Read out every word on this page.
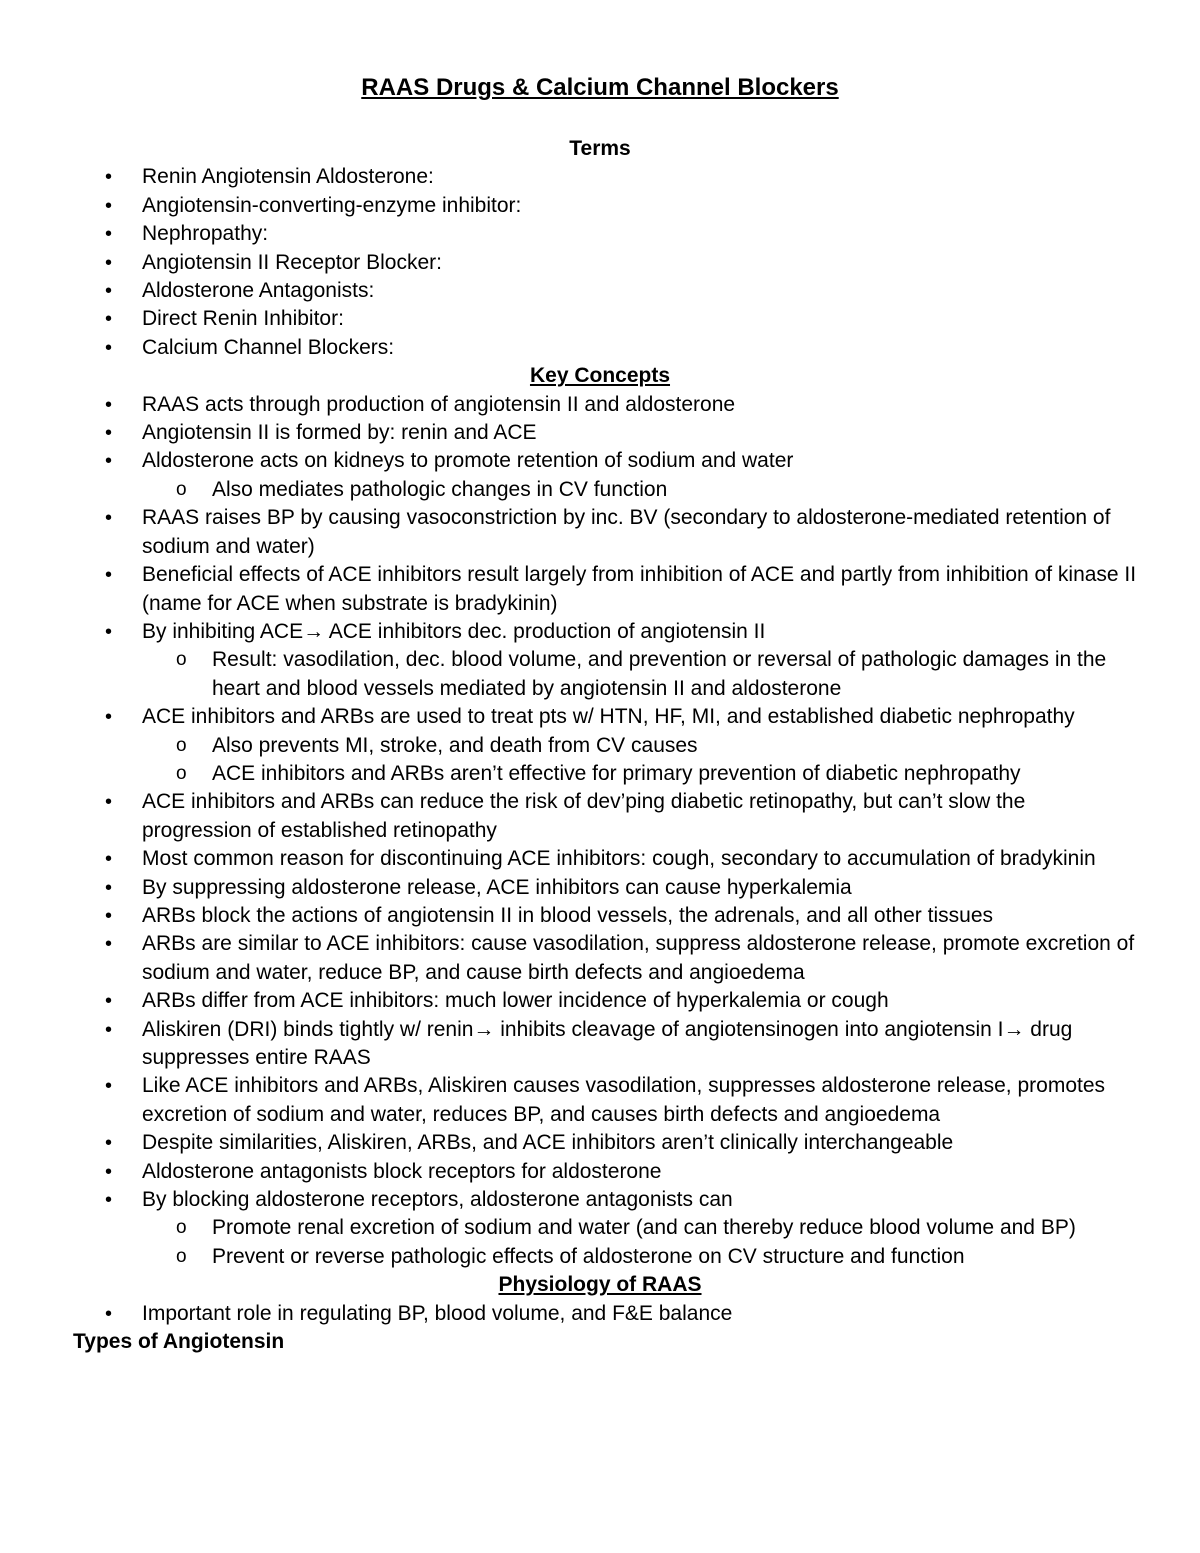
RAAS Drugs & Calcium Channel Blockers
Terms
•	Renin Angiotensin Aldosterone:
•	Angiotensin-converting-enzyme inhibitor:
•	Nephropathy:
•	Angiotensin II Receptor Blocker:
•	Aldosterone Antagonists:
•	Direct Renin Inhibitor:
•	Calcium Channel Blockers:
Key Concepts
•	RAAS acts through production of angiotensin II and aldosterone
•	Angiotensin II is formed by: renin and ACE
•	Aldosterone acts on kidneys to promote retention of sodium and water
o Also mediates pathologic changes in CV function
•	RAAS raises BP by causing vasoconstriction by inc. BV (secondary to aldosterone-mediated retention of sodium and water)
•	Beneficial effects of ACE inhibitors result largely from inhibition of ACE and partly from inhibition of kinase II (name for ACE when substrate is bradykinin)
•	By inhibiting ACE→ ACE inhibitors dec. production of angiotensin II
o Result: vasodilation, dec. blood volume, and prevention or reversal of pathologic damages in the heart and blood vessels mediated by angiotensin II and aldosterone
•	ACE inhibitors and ARBs are used to treat pts w/ HTN, HF, MI, and established diabetic nephropathy
o Also prevents MI, stroke, and death from CV causes
o ACE inhibitors and ARBs aren’t effective for primary prevention of diabetic nephropathy
•	ACE inhibitors and ARBs can reduce the risk of dev’ping diabetic retinopathy, but can’t slow the progression of established retinopathy
•	Most common reason for discontinuing ACE inhibitors: cough, secondary to accumulation of bradykinin
•	By suppressing aldosterone release, ACE inhibitors can cause hyperkalemia
•	ARBs block the actions of angiotensin II in blood vessels, the adrenals, and all other tissues
•	ARBs are similar to ACE inhibitors: cause vasodilation, suppress aldosterone release, promote excretion of sodium and water, reduce BP, and cause birth defects and angioedema
•	ARBs differ from ACE inhibitors: much lower incidence of hyperkalemia or cough
•	Aliskiren (DRI) binds tightly w/ renin→ inhibits cleavage of angiotensinogen into angiotensin I→ drug suppresses entire RAAS
•	Like ACE inhibitors and ARBs, Aliskiren causes vasodilation, suppresses aldosterone release, promotes excretion of sodium and water, reduces BP, and causes birth defects and angioedema
•	Despite similarities, Aliskiren, ARBs, and ACE inhibitors aren’t clinically interchangeable
•	Aldosterone antagonists block receptors for aldosterone
•	By blocking aldosterone receptors, aldosterone antagonists can
o Promote renal excretion of sodium and water (and can thereby reduce blood volume and BP)
o Prevent or reverse pathologic effects of aldosterone on CV structure and function
Physiology of RAAS
•	Important role in regulating BP, blood volume, and F&E balance
Types of Angiotensin
